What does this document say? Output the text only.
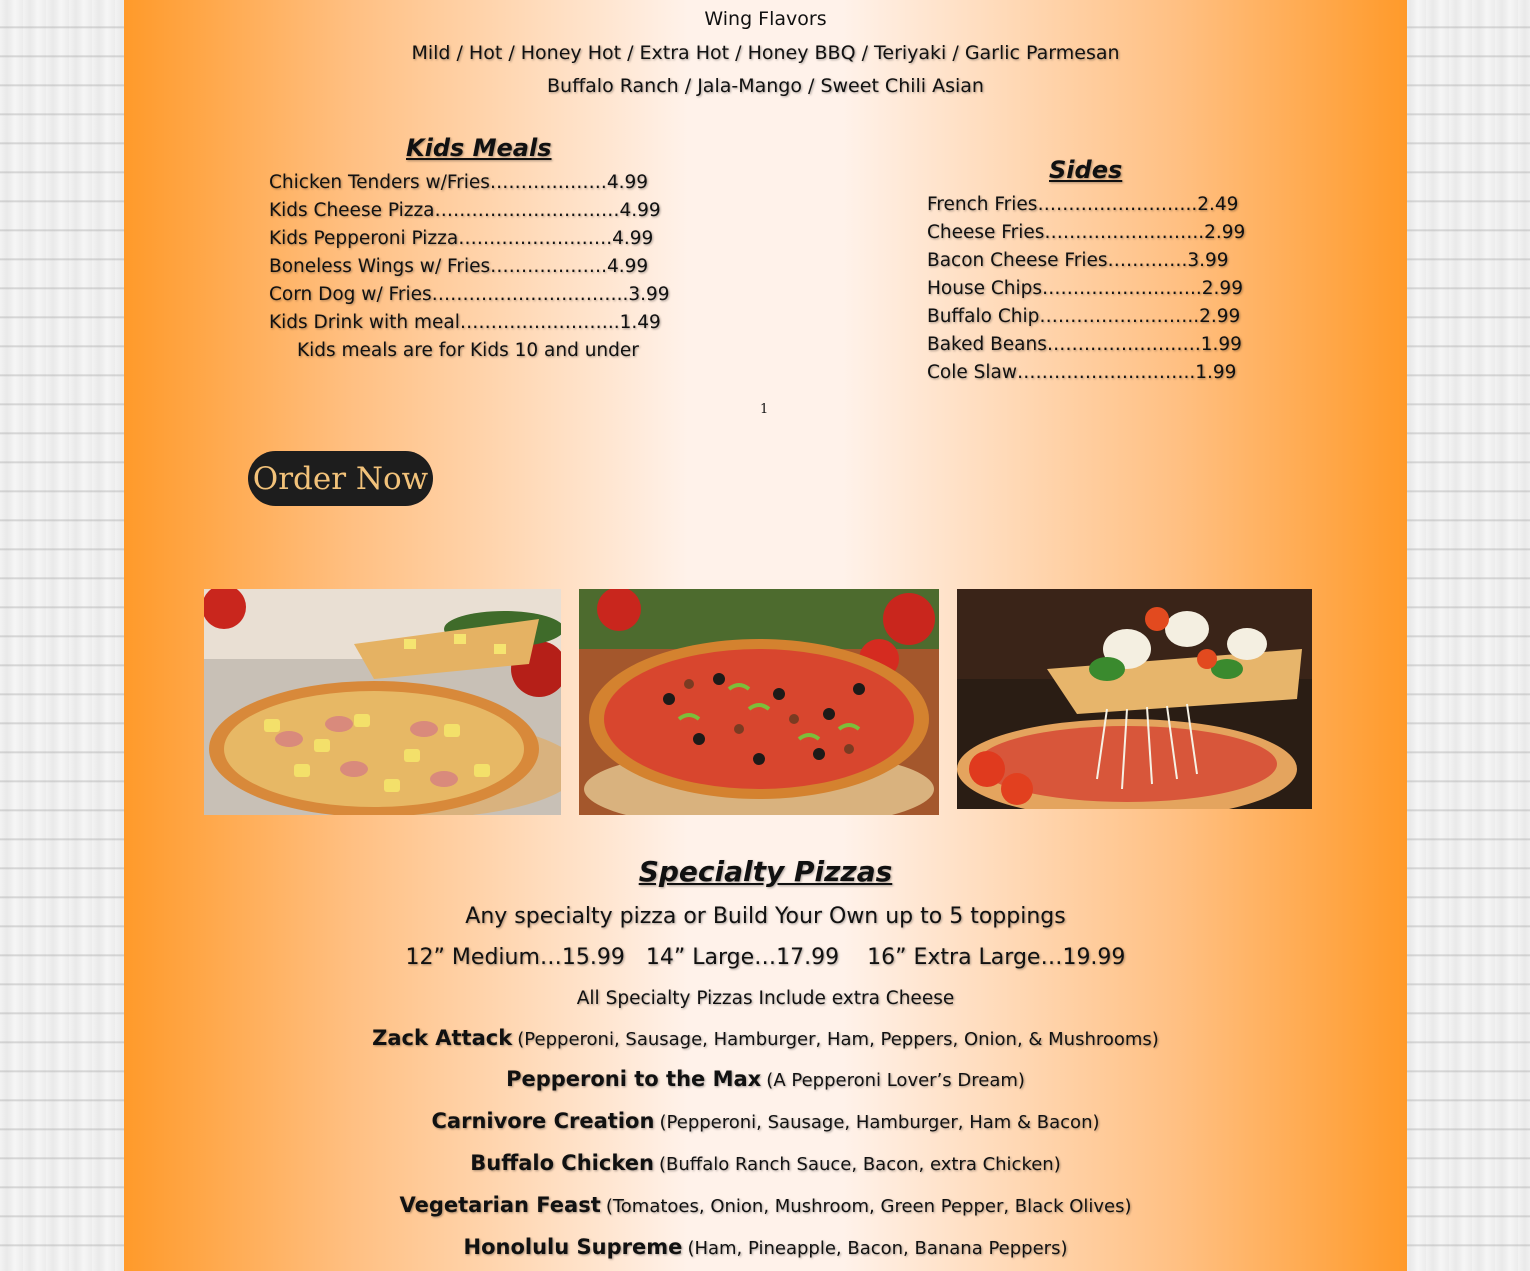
Wing Flavors
Mild / Hot / Honey Hot / Extra Hot / Honey BBQ / Teriyaki / Garlic Parmesan
Buffalo Ranch / Jala-Mango / Sweet Chili Asian
Kids Meals
Chicken Tenders w/Fries……………….4.99
Kids Cheese Pizza…………………………4.99
Kids Pepperoni Pizza…………………….4.99
Boneless Wings w/ Fries……………….4.99
Corn Dog w/ Fries…………………………..3.99
Kids Drink with meal……………………..1.49
Kids meals are for Kids 10 and under
Sides
French Fries……………………..2.49
Cheese Fries……………………..2.99
Bacon Cheese Fries………….3.99
House Chips……………………..2.99
Buffalo Chip……………………..2.99
Baked Beans…………………….1.99
Cole Slaw………………………..1.99
1
Order Now
Specialty Pizzas
Any specialty pizza or Build Your Own up to 5 toppings
12” Medium…15.99   14” Large…17.99    16” Extra Large…19.99
All Specialty Pizzas Include extra Cheese
Zack Attack (Pepperoni, Sausage, Hamburger, Ham, Peppers, Onion, & Mushrooms)
Pepperoni to the Max (A Pepperoni Lover’s Dream)
Carnivore Creation (Pepperoni, Sausage, Hamburger, Ham & Bacon)
Buffalo Chicken (Buffalo Ranch Sauce, Bacon, extra Chicken)
Vegetarian Feast (Tomatoes, Onion, Mushroom, Green Pepper, Black Olives)
Honolulu Supreme (Ham, Pineapple, Bacon, Banana Peppers)
